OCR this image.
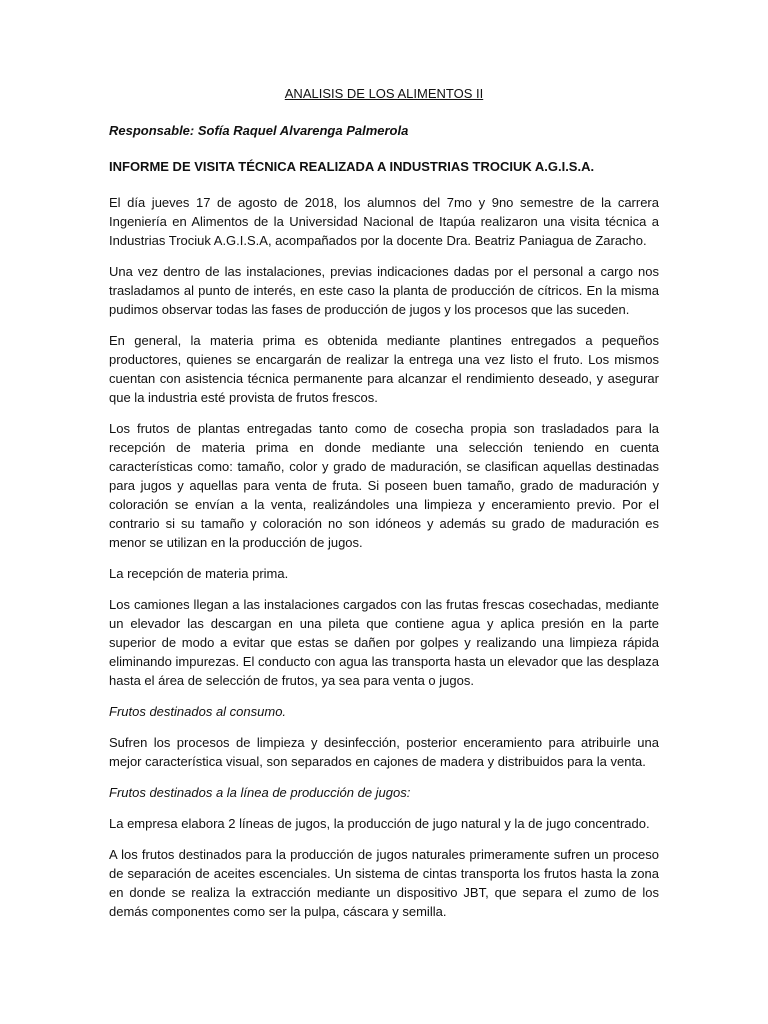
ANALISIS DE LOS ALIMENTOS II

Responsable: Sofía Raquel Alvarenga Palmerola

INFORME DE VISITA TÉCNICA REALIZADA A INDUSTRIAS TROCIUK A.G.I.S.A.

El día jueves 17 de agosto de 2018, los alumnos del 7mo y 9no semestre de la carrera Ingeniería en Alimentos de la Universidad Nacional de Itapúa realizaron una visita técnica a Industrias Trociuk A.G.I.S.A, acompañados por la docente Dra. Beatriz Paniagua de Zaracho.

Una vez dentro de las instalaciones, previas indicaciones dadas por el personal a cargo nos trasladamos al punto de interés, en este caso la planta de producción de cítricos. En la misma pudimos observar todas las fases de producción de jugos y los procesos que las suceden.

En general, la materia prima es obtenida mediante plantines entregados a pequeños productores, quienes se encargarán de realizar la entrega una vez listo el fruto. Los mismos cuentan con asistencia técnica permanente para alcanzar el rendimiento deseado, y asegurar que la industria esté provista de frutos frescos.

Los frutos de plantas entregadas tanto como de cosecha propia son trasladados para la recepción de materia prima en donde mediante una selección teniendo en cuenta características como: tamaño, color y grado de maduración, se clasifican aquellas destinadas para jugos y aquellas para venta de fruta. Si poseen buen tamaño, grado de maduración y coloración se envían a la venta, realizándoles una limpieza y enceramiento previo. Por el contrario si su tamaño y coloración no son idóneos y además su grado de maduración es menor se utilizan en la producción de jugos.

La recepción de materia prima.

Los camiones llegan a las instalaciones cargados con las frutas frescas cosechadas, mediante un elevador las descargan en una pileta que contiene agua y aplica presión en la parte superior de modo a evitar que estas se dañen por golpes y realizando una limpieza rápida eliminando impurezas. El conducto con agua las transporta hasta un elevador que las desplaza hasta el área de selección de frutos, ya sea para venta o jugos.

Frutos destinados al consumo.

Sufren los procesos de limpieza y desinfección, posterior enceramiento para atribuirle una mejor característica visual, son separados en cajones de madera y distribuidos para la venta.

Frutos destinados a la línea de producción de jugos:

La empresa elabora 2 líneas de jugos, la producción de jugo natural y la de jugo concentrado.

A los frutos destinados para la producción de jugos naturales primeramente sufren un proceso de separación de aceites escenciales. Un sistema de cintas transporta los frutos hasta la zona en donde se realiza la extracción mediante un dispositivo JBT, que separa el zumo de los demás componentes como ser la pulpa, cáscara y semilla.
